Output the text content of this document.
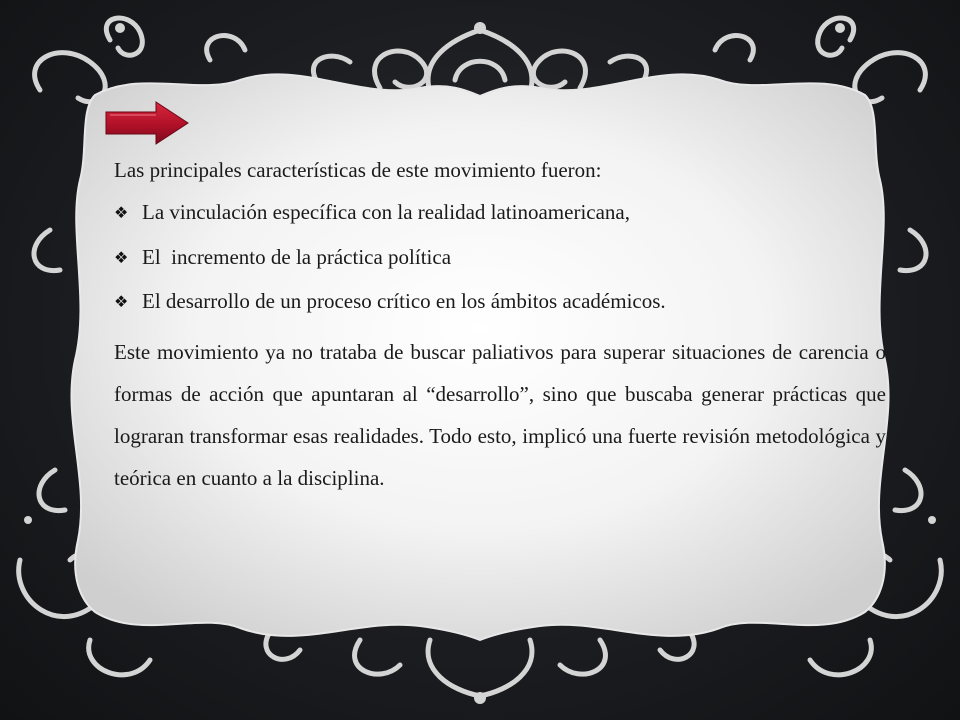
Las principales características de este movimiento fueron:

❖ La vinculación específica con la realidad latinoamericana,
❖ El  incremento de la práctica política
❖ El desarrollo de un proceso crítico en los ámbitos académicos.

Este movimiento ya no trataba de buscar paliativos para superar situaciones de carencia o formas de acción que apuntaran al “desarrollo”, sino que buscaba generar prácticas que lograran transformar esas realidades. Todo esto, implicó una fuerte revisión metodológica y teórica en cuanto a la disciplina.
